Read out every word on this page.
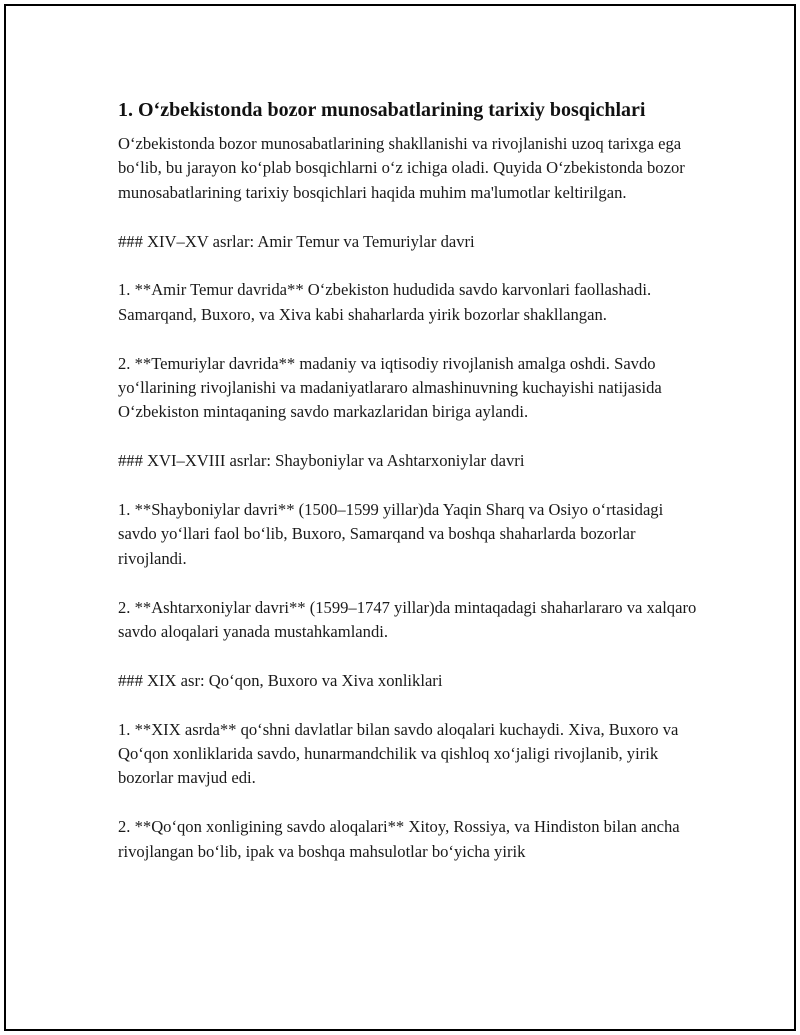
1. O‘zbekistonda bozor munosabatlarining tarixiy bosqichlari

O‘zbekistonda bozor munosabatlarining shakllanishi va rivojlanishi uzoq tarixga ega bo‘lib, bu jarayon ko‘plab bosqichlarni o‘z ichiga oladi. Quyida O‘zbekistonda bozor munosabatlarining tarixiy bosqichlari haqida muhim ma'lumotlar keltirilgan.

### XIV–XV asrlar: Amir Temur va Temuriylar davri

1. **Amir Temur davrida** O‘zbekiston hududida savdo karvonlari faollashadi. Samarqand, Buxoro, va Xiva kabi shaharlarda yirik bozorlar shakllangan.

2. **Temuriylar davrida** madaniy va iqtisodiy rivojlanish amalga oshdi. Savdo yo‘llarining rivojlanishi va madaniyatlararo almashinuvning kuchayishi natijasida O‘zbekiston mintaqaning savdo markazlaridan biriga aylandi.

### XVI–XVIII asrlar: Shayboniylar va Ashtarxoniylar davri

1. **Shayboniylar davri** (1500–1599 yillar)da Yaqin Sharq va Osiyo o‘rtasidagi savdo yo‘llari faol bo‘lib, Buxoro, Samarqand va boshqa shaharlarda bozorlar rivojlandi.

2. **Ashtarxoniylar davri** (1599–1747 yillar)da mintaqadagi shaharlararo va xalqaro savdo aloqalari yanada mustahkamlandi.

### XIX asr: Qo‘qon, Buxoro va Xiva xonliklari

1. **XIX asrda** qo‘shni davlatlar bilan savdo aloqalari kuchaydi. Xiva, Buxoro va Qo‘qon xonliklarida savdo, hunarmandchilik va qishloq xo‘jaligi rivojlanib, yirik bozorlar mavjud edi.

2. **Qo‘qon xonligining savdo aloqalari** Xitoy, Rossiya, va Hindiston bilan ancha rivojlangan bo‘lib, ipak va boshqa mahsulotlar bo‘yicha yirik
